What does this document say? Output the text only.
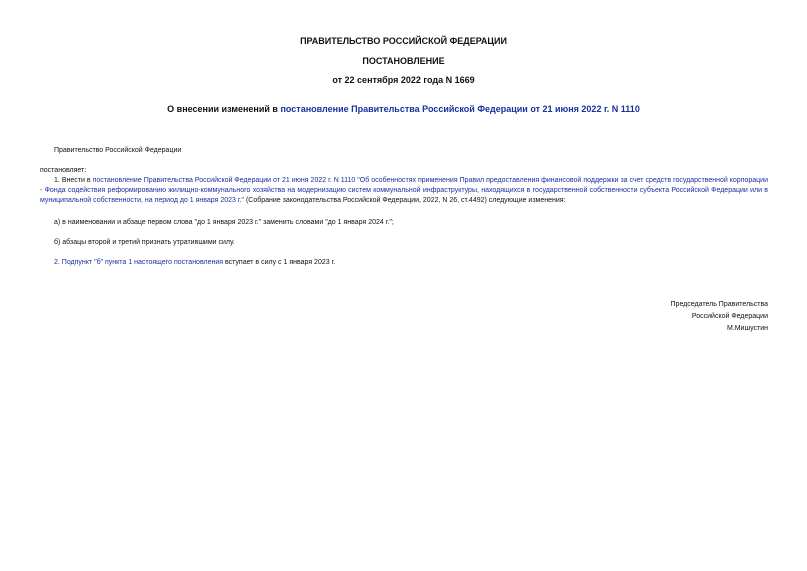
ПРАВИТЕЛЬСТВО РОССИЙСКОЙ ФЕДЕРАЦИИ
ПОСТАНОВЛЕНИЕ
от 22 сентября 2022 года N 1669
О внесении изменений в постановление Правительства Российской Федерации от 21 июня 2022 г. N 1110
Правительство Российской Федерации
постановляет:
1. Внести в постановление Правительства Российской Федерации от 21 июня 2022 г. N 1110 "Об особенностях применения Правил предоставления финансовой поддержки за счет средств государственной корпорации - Фонда содействия реформированию жилищно-коммунального хозяйства на модернизацию систем коммунальной инфраструктуры, находящихся в государственной собственности субъекта Российской Федерации или в муниципальной собственности, на период до 1 января 2023 г." (Собрание законодательства Российской Федерации, 2022, N 26, ст.4492) следующие изменения:
а) в наименовании и абзаце первом слова "до 1 января 2023 г." заменить словами "до 1 января 2024 г.";
б) абзацы второй и третий признать утратившими силу.
2. Подпункт "б" пункта 1 настоящего постановления вступает в силу с 1 января 2023 г.
Председатель Правительства
Российской Федерации
М.Мишустин
